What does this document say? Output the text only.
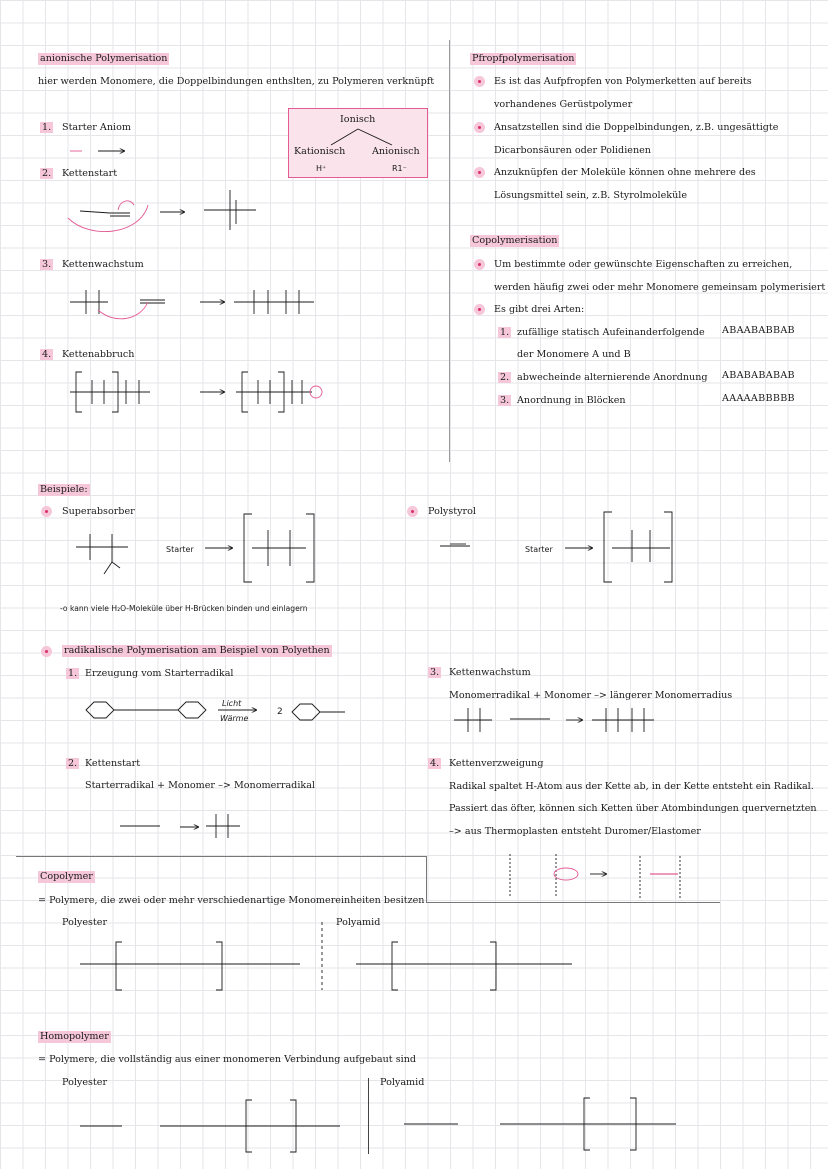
anionische Polymerisation
hier werden Monomere, die Doppelbindungen enthslten, zu Polymeren verknüpft
1. Starter Aniom
2. Kettenstart
3. Kettenwachstum
4. Kettenabbruch
Ionisch
Kationisch	Anionisch
H⁺	R1⁻
Pfropfpolymerisation
Es ist das Aufpfropfen von Polymerketten auf bereits
vorhandenes Gerüstpolymer
Ansatzstellen sind die Doppelbindungen, z.B. ungesättigte
Dicarbonsäuren oder Polidienen
Anzuknüpfen der Moleküle können ohne mehrere des
Lösungsmittel sein, z.B. Styrolmoleküle
Copolymerisation
Um bestimmte oder gewünschte Eigenschaften zu erreichen,
werden häufig zwei oder mehr Monomere gemeinsam polymerisiert
Es gibt drei Arten:
1. zufällige statisch Aufeinanderfolgende ABAABABBAB
der Monomere A und B
2. abwecheinde alternierende Anordnung ABABABABAB
3. Anordnung in Blöcken	AAAAABBBBB
Beispiele:
Superabsorber	Polystyrol
Starter	Starter
-o kann viele H₂O-Moleküle über H-Brücken binden und einlagern
radikalische Polymerisation am Beispiel von Polyethen
1. Erzeugung vom Starterradikal
Licht
Wärme
2
2. Kettenstart
Starterradikal + Monomer –> Monomerradikal
3. Kettenwachstum
Monomerradikal + Monomer –> längerer Monomerradius
4. Kettenverzweigung
Radikal spaltet H-Atom aus der Kette ab, in der Kette entsteht ein Radikal.
Passiert das öfter, können sich Ketten über Atombindungen quervernetzten
–> aus Thermoplasten entsteht Duromer/Elastomer
Copolymer
= Polymere, die zwei oder mehr verschiedenartige Monomereinheiten besitzen
Polyester	Polyamid
Homopolymer
= Polymere, die vollständig aus einer monomeren Verbindung aufgebaut sind
Polyester	Polyamid
